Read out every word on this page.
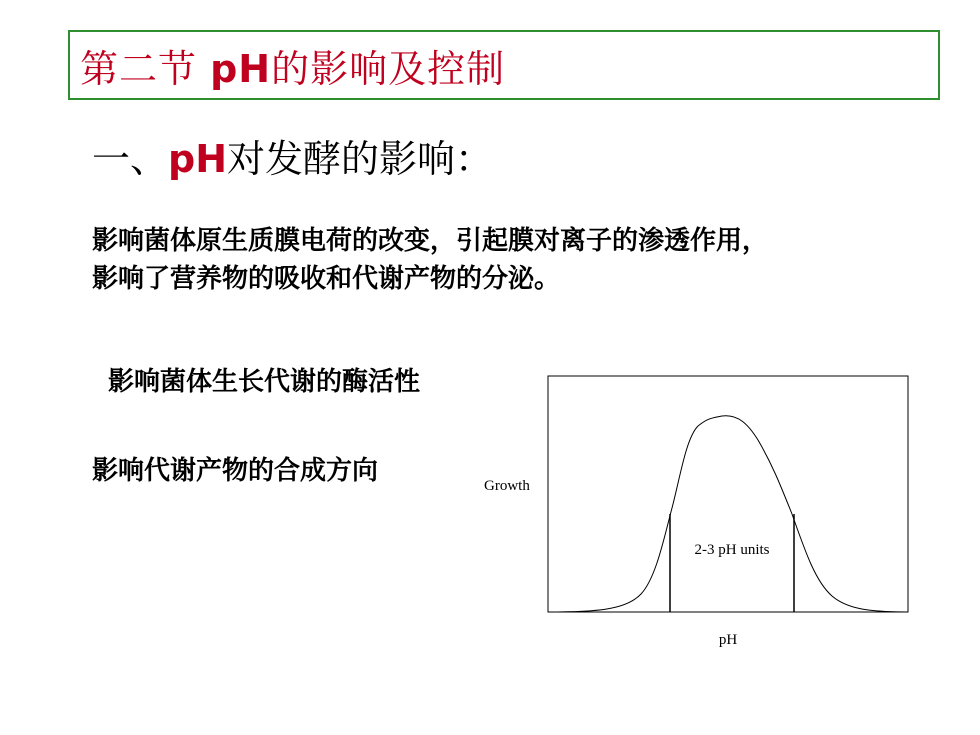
第二节 pH的影响及控制
一、pH对发酵的影响：
影响菌体原生质膜电荷的改变，引起膜对离子的渗透作用，
影响了营养物的吸收和代谢产物的分泌。
影响菌体生长代谢的酶活性
影响代谢产物的合成方向	Growth
2-3 pH units
pH
